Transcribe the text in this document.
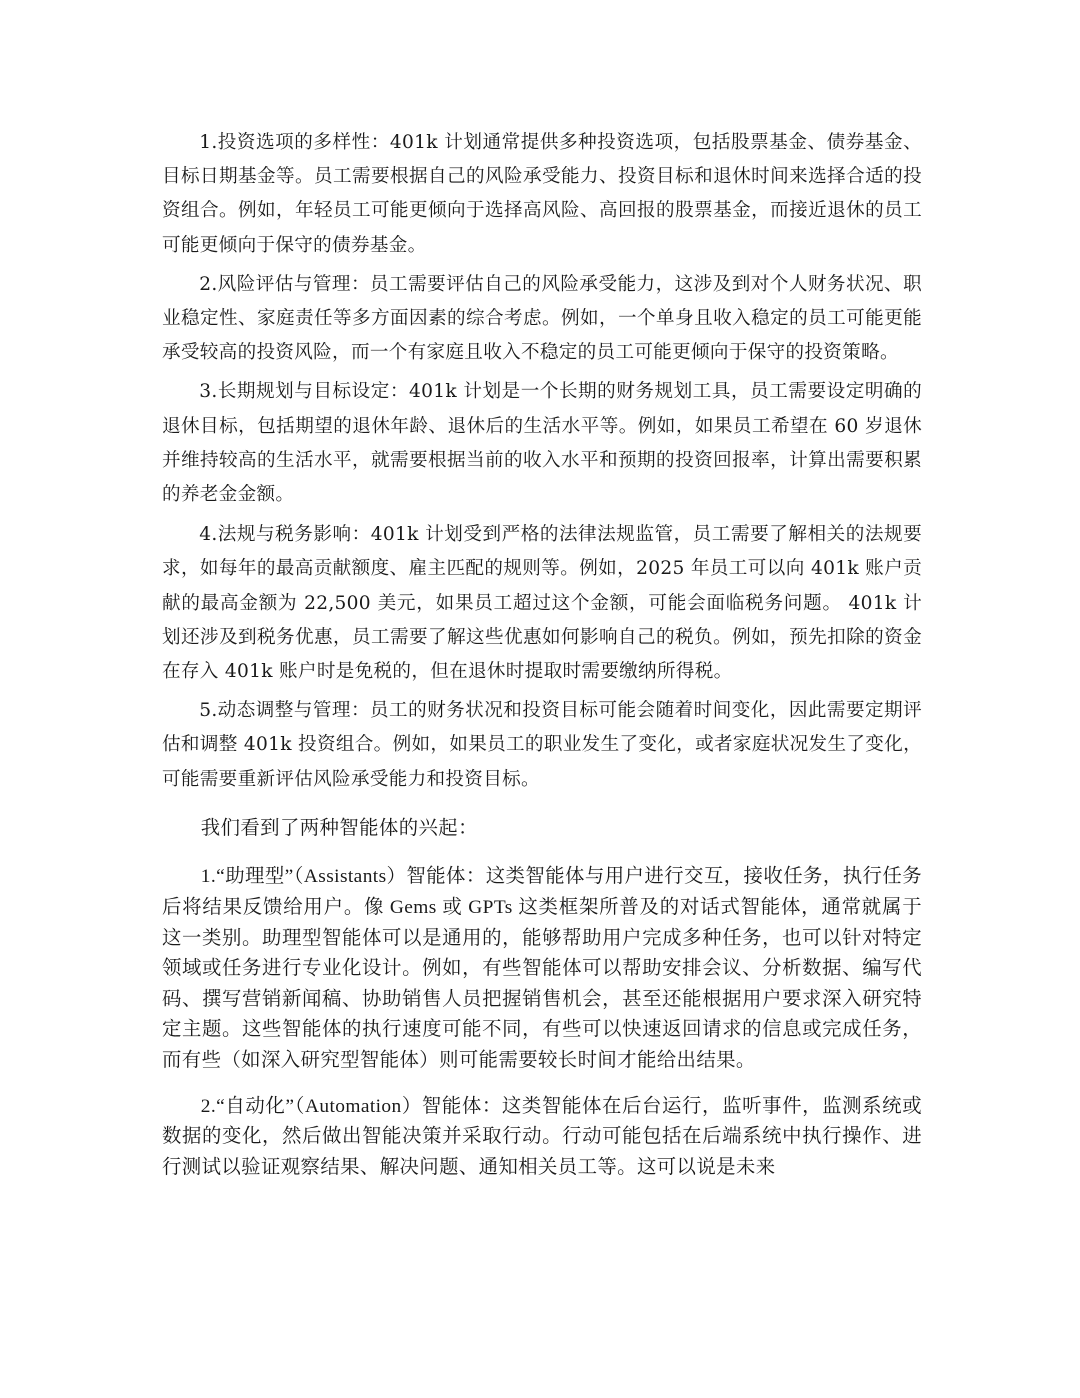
1.投资选项的多样性：401k 计划通常提供多种投资选项，包括股票基金、债券基金、目标日期基金等。员工需要根据自己的风险承受能力、投资目标和退休时间来选择合适的投资组合。例如，年轻员工可能更倾向于选择高风险、高回报的股票基金，而接近退休的员工可能更倾向于保守的债券基金。

2.风险评估与管理：员工需要评估自己的风险承受能力，这涉及到对个人财务状况、职业稳定性、家庭责任等多方面因素的综合考虑。例如，一个单身且收入稳定的员工可能更能承受较高的投资风险，而一个有家庭且收入不稳定的员工可能更倾向于保守的投资策略。

3.长期规划与目标设定：401k 计划是一个长期的财务规划工具，员工需要设定明确的退休目标，包括期望的退休年龄、退休后的生活水平等。例如，如果员工希望在 60 岁退休并维持较高的生活水平，就需要根据当前的收入水平和预期的投资回报率，计算出需要积累的养老金金额。

4.法规与税务影响：401k 计划受到严格的法律法规监管，员工需要了解相关的法规要求，如每年的最高贡献额度、雇主匹配的规则等。例如，2025 年员工可以向 401k 账户贡献的最高金额为 22,500 美元，如果员工超过这个金额，可能会面临税务问题。 401k 计划还涉及到税务优惠，员工需要了解这些优惠如何影响自己的税负。例如，预先扣除的资金在存入 401k 账户时是免税的，但在退休时提取时需要缴纳所得税。

5.动态调整与管理：员工的财务状况和投资目标可能会随着时间变化，因此需要定期评估和调整 401k 投资组合。例如，如果员工的职业发生了变化，或者家庭状况发生了变化，可能需要重新评估风险承受能力和投资目标。

我们看到了两种智能体的兴起：

1.“助理型”（Assistants）智能体：这类智能体与用户进行交互，接收任务，执行任务后将结果反馈给用户。像 Gems 或 GPTs 这类框架所普及的对话式智能体，通常就属于这一类别。助理型智能体可以是通用的，能够帮助用户完成多种任务，也可以针对特定领域或任务进行专业化设计。例如，有些智能体可以帮助安排会议、分析数据、编写代码、撰写营销新闻稿、协助销售人员把握销售机会，甚至还能根据用户要求深入研究特定主题。这些智能体的执行速度可能不同，有些可以快速返回请求的信息或完成任务，而有些（如深入研究型智能体）则可能需要较长时间才能给出结果。

2.“自动化”（Automation）智能体：这类智能体在后台运行，监听事件，监测系统或数据的变化，然后做出智能决策并采取行动。行动可能包括在后端系统中执行操作、进行测试以验证观察结果、解决问题、通知相关员工等。这可以说是未来
